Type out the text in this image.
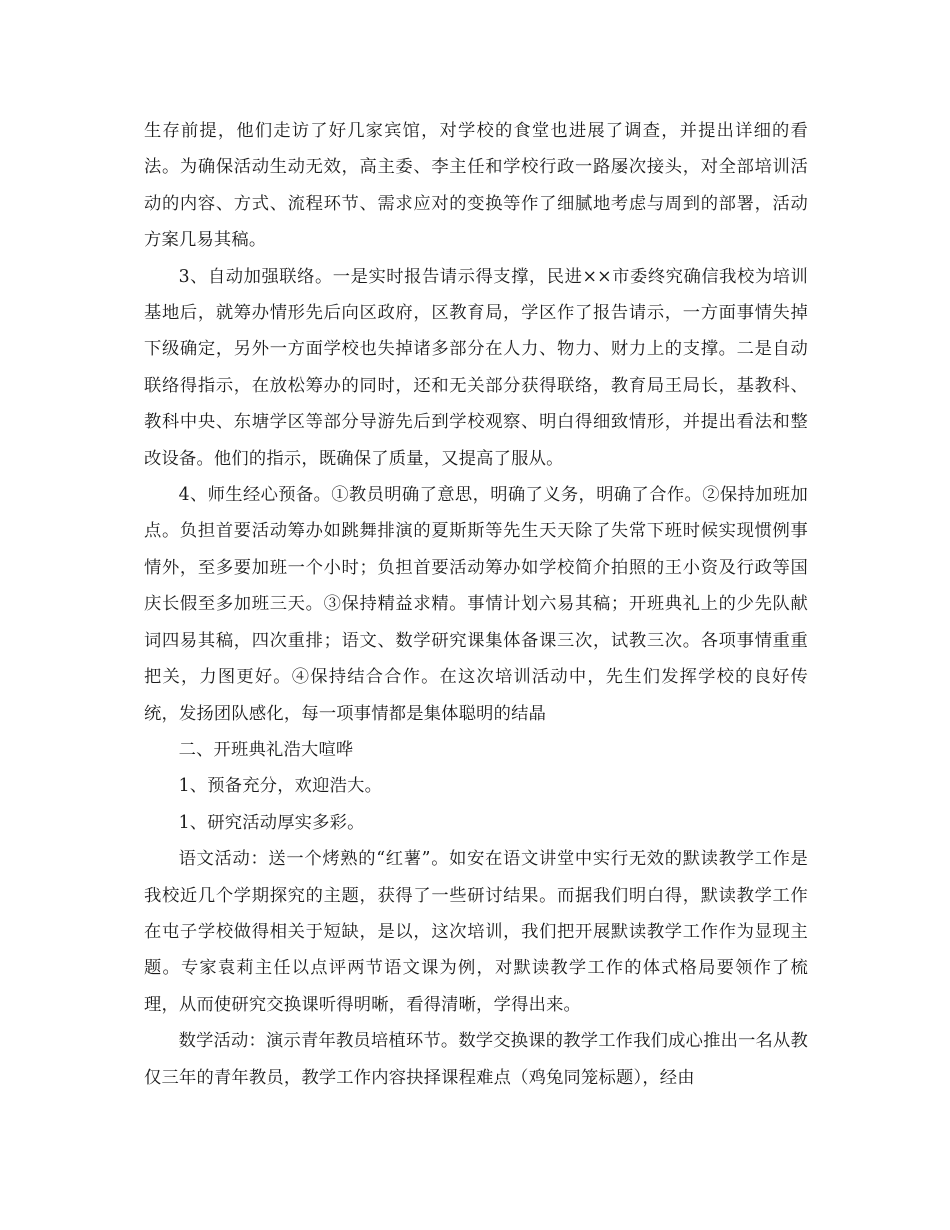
生存前提，他们走访了好几家宾馆，对学校的食堂也进展了调查，并提出详细的看法。为确保活动生动无效，高主委、李主任和学校行政一路屡次接头，对全部培训活动的内容、方式、流程环节、需求应对的变换等作了细腻地考虑与周到的部署，活动方案几易其稿。

3、自动加强联络。一是实时报告请示得支撑，民进××市委终究确信我校为培训基地后，就筹办情形先后向区政府，区教育局，学区作了报告请示，一方面事情失掉下级确定，另外一方面学校也失掉诸多部分在人力、物力、财力上的支撑。二是自动联络得指示，在放松筹办的同时，还和无关部分获得联络，教育局王局长，基教科、教科中央、东塘学区等部分导游先后到学校观察、明白得细致情形，并提出看法和整改设备。他们的指示，既确保了质量，又提高了服从。

4、师生经心预备。①教员明确了意思，明确了义务，明确了合作。②保持加班加点。负担首要活动筹办如跳舞排演的夏斯斯等先生天天除了失常下班时候实现惯例事情外，至多要加班一个小时；负担首要活动筹办如学校简介拍照的王小资及行政等国庆长假至多加班三天。③保持精益求精。事情计划六易其稿；开班典礼上的少先队献词四易其稿，四次重排；语文、数学研究课集体备课三次，试教三次。各项事情重重把关，力图更好。④保持结合合作。在这次培训活动中，先生们发挥学校的良好传统，发扬团队感化，每一项事情都是集体聪明的结晶

二、开班典礼浩大喧哗

1、预备充分，欢迎浩大。

1、研究活动厚实多彩。

语文活动：送一个烤熟的“红薯”。如安在语文讲堂中实行无效的默读教学工作是我校近几个学期探究的主题，获得了一些研讨结果。而据我们明白得，默读教学工作在屯子学校做得相关于短缺，是以，这次培训，我们把开展默读教学工作作为显现主题。专家袁莉主任以点评两节语文课为例，对默读教学工作的体式格局要领作了梳理，从而使研究交换课听得明晰，看得清晰，学得出来。

数学活动：演示青年教员培植环节。数学交换课的教学工作我们成心推出一名从教仅三年的青年教员，教学工作内容抉择课程难点（鸡兔同笼标题），经由
